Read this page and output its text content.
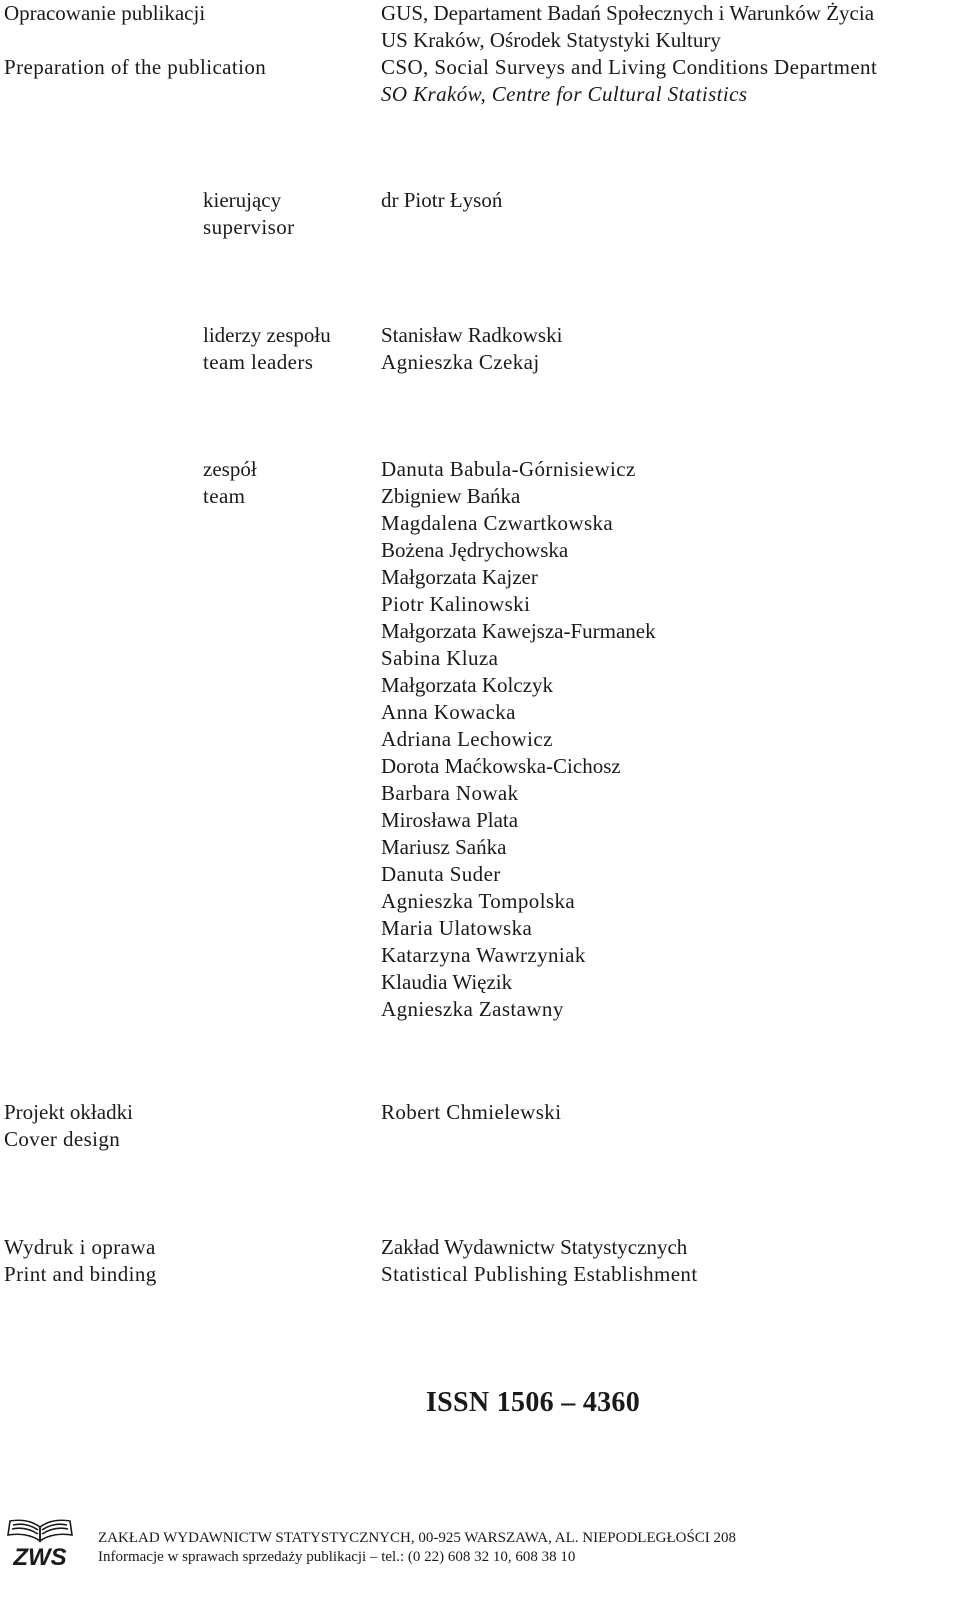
Opracowanie publikacji
Preparation of the publication
GUS, Departament Badań Społecznych i Warunków Życia
US Kraków, Ośrodek Statystyki Kultury
CSO, Social Surveys and Living Conditions Department
SO Kraków, Centre for Cultural Statistics
kierujący
supervisor
dr Piotr Łysoń
liderzy zespołu
team leaders
Stanisław Radkowski
Agnieszka Czekaj
zespół
team
Danuta Babula-Górnisiewicz
Zbigniew Bańka
Magdalena Czwartkowska
Bożena Jędrychowska
Małgorzata Kajzer
Piotr Kalinowski
Małgorzata Kawejsza-Furmanek
Sabina Kluza
Małgorzata Kolczyk
Anna Kowacka
Adriana Lechowicz
Dorota Maćkowska-Cichosz
Barbara Nowak
Mirosława Plata
Mariusz Sańka
Danuta Suder
Agnieszka Tompolska
Maria Ulatowska
Katarzyna Wawrzyniak
Klaudia Więzik
Agnieszka Zastawny
Projekt okładki
Cover design
Robert Chmielewski
Wydruk i oprawa
Print and binding
Zakład Wydawnictw Statystycznych
Statistical Publishing Establishment
ISSN 1506 – 4360
ZWS
ZAKŁAD WYDAWNICTW STATYSTYCZNYCH, 00-925 WARSZAWA, AL. NIEPODLEGŁOŚCI 208
Informacje w sprawach sprzedaży publikacji – tel.: (0 22) 608 32 10, 608 38 10
